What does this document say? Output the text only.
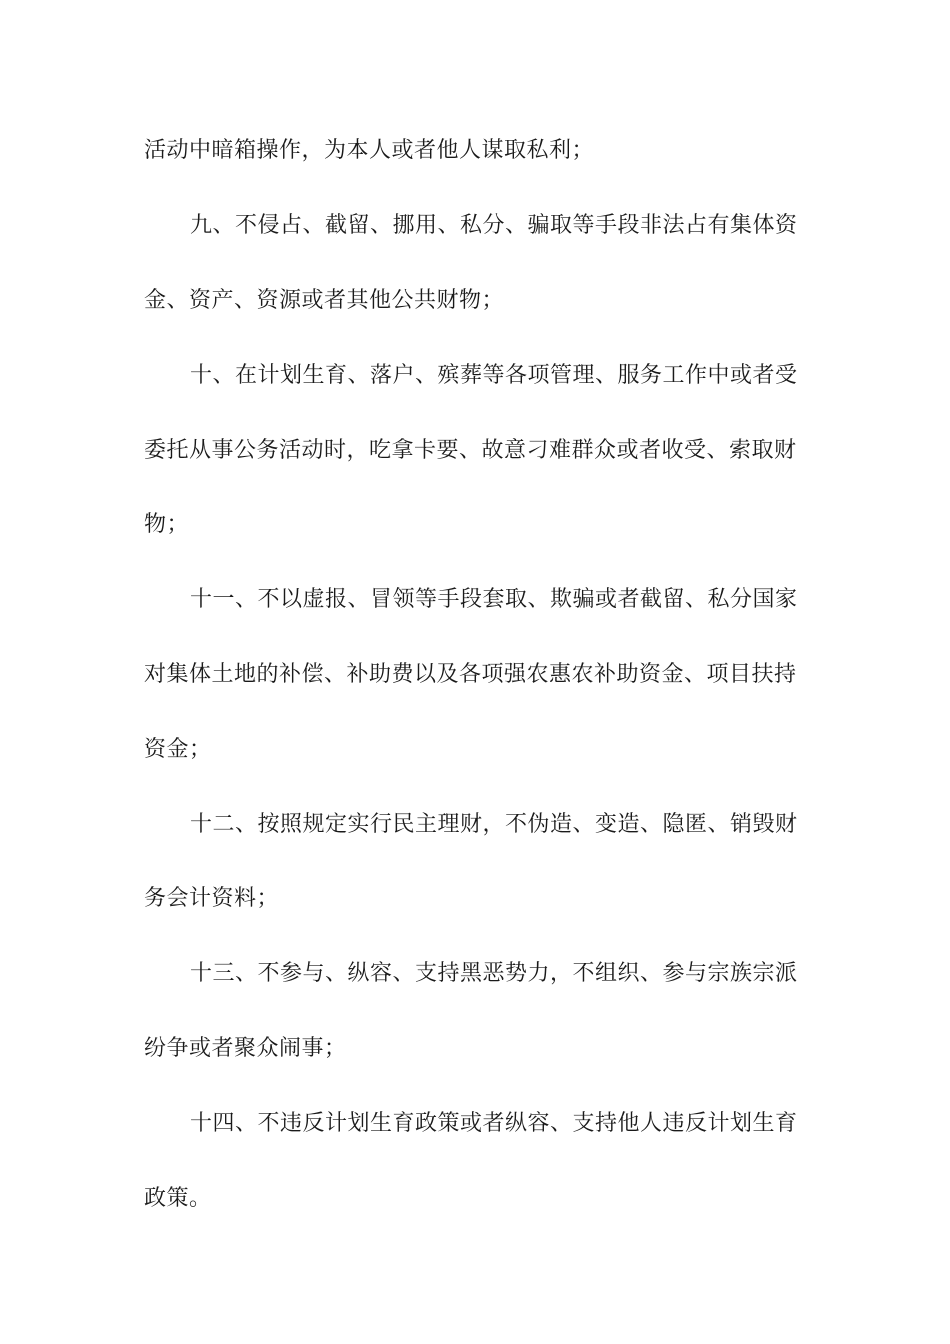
活动中暗箱操作，为本人或者他人谋取私利；
九、不侵占、截留、挪用、私分、骗取等手段非法占有集体资
金、资产、资源或者其他公共财物；
十、在计划生育、落户、殡葬等各项管理、服务工作中或者受
委托从事公务活动时，吃拿卡要、故意刁难群众或者收受、索取财
物；
十一、不以虚报、冒领等手段套取、欺骗或者截留、私分国家
对集体土地的补偿、补助费以及各项强农惠农补助资金、项目扶持
资金；
十二、按照规定实行民主理财，不伪造、变造、隐匿、销毁财
务会计资料；
十三、不参与、纵容、支持黑恶势力，不组织、参与宗族宗派
纷争或者聚众闹事；
十四、不违反计划生育政策或者纵容、支持他人违反计划生育
政策。
